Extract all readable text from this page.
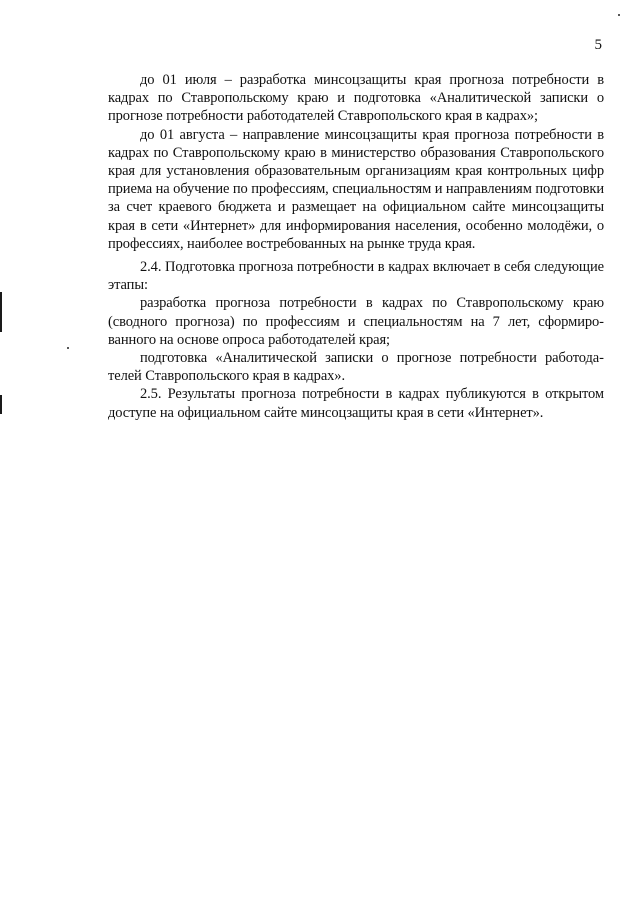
5

до 01 июля – разработка минсоцзащиты края прогноза потребности в кадрах по Ставропольскому краю и подготовка «Аналитической записки о прогнозе потребности работодателей Ставропольского края в кадрах»;

до 01 августа – направление минсоцзащиты края прогноза потребности в кадрах по Ставропольскому краю в министерство образования Ставропольского края для установления образовательным организациям края контрольных цифр приема на обучение по профессиям, специальностям и направлениям подготовки за счет краевого бюджета и размещает на официальном сайте минсоцзащиты края в сети «Интернет» для информирования населения, особенно молодёжи, о профессиях, наиболее востребованных на рынке труда края.

2.4. Подготовка прогноза потребности в кадрах включает в себя следующие этапы:

разработка прогноза потребности в кадрах по Ставропольскому краю (сводного прогноза) по профессиям и специальностям на 7 лет, сформированного на основе опроса работодателей края;

подготовка «Аналитической записки о прогнозе потребности работодателей Ставропольского края в кадрах».

2.5. Результаты прогноза потребности в кадрах публикуются в открытом доступе на официальном сайте минсоцзащиты края в сети «Интернет».
